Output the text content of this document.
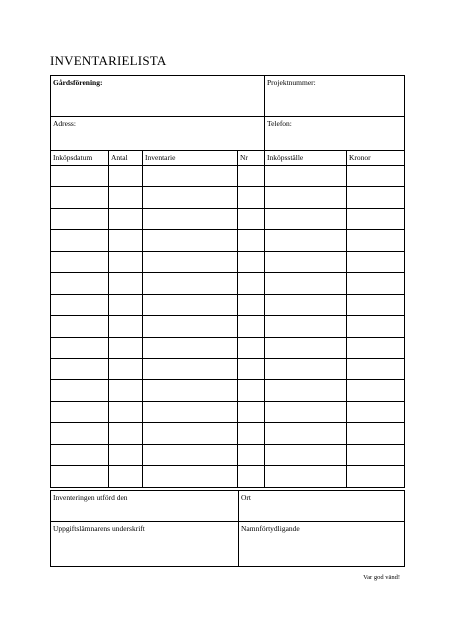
INVENTARIELISTA
Gårdsförening:				Projektnummer:	

Adress:				Telefon:	

Inköpsdatum	Antal	Inventarie	Nr	Inköpsställe	Kronor

Inventeringen utförd den	Ort

Uppgiftslämnarens underskrift	Namnförtydligande
Var god vänd!
